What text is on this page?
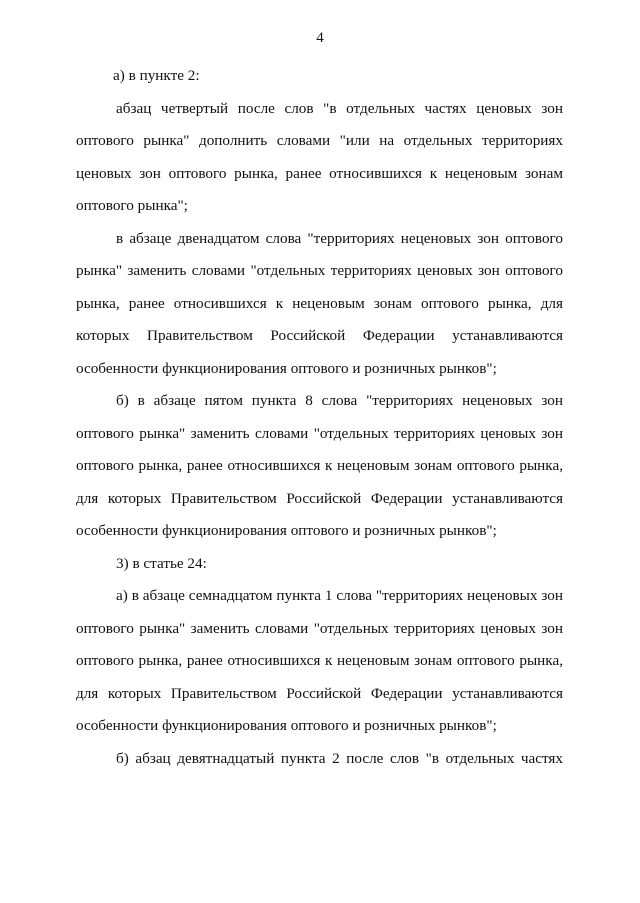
4

а) в пункте 2:

абзац четвертый после слов "в отдельных частях ценовых зон оптового рынка" дополнить словами "или на отдельных территориях ценовых зон оптового рынка, ранее относившихся к неценовым зонам оптового рынка";

в абзаце двенадцатом слова "территориях неценовых зон оптового рынка" заменить словами "отдельных территориях ценовых зон оптового рынка, ранее относившихся к неценовым зонам оптового рынка, для которых Правительством Российской Федерации устанавливаются особенности функционирования оптового и розничных рынков";

б) в абзаце пятом пункта 8 слова "территориях неценовых зон оптового рынка" заменить словами "отдельных территориях ценовых зон оптового рынка, ранее относившихся к неценовым зонам оптового рынка, для которых Правительством Российской Федерации устанавливаются особенности функционирования оптового и розничных рынков";

3) в статье 24:

а) в абзаце семнадцатом пункта 1 слова "территориях неценовых зон оптового рынка" заменить словами "отдельных территориях ценовых зон оптового рынка, ранее относившихся к неценовым зонам оптового рынка, для которых Правительством Российской Федерации устанавливаются особенности функционирования оптового и розничных рынков";

б) абзац девятнадцатый пункта 2 после слов "в отдельных частях
